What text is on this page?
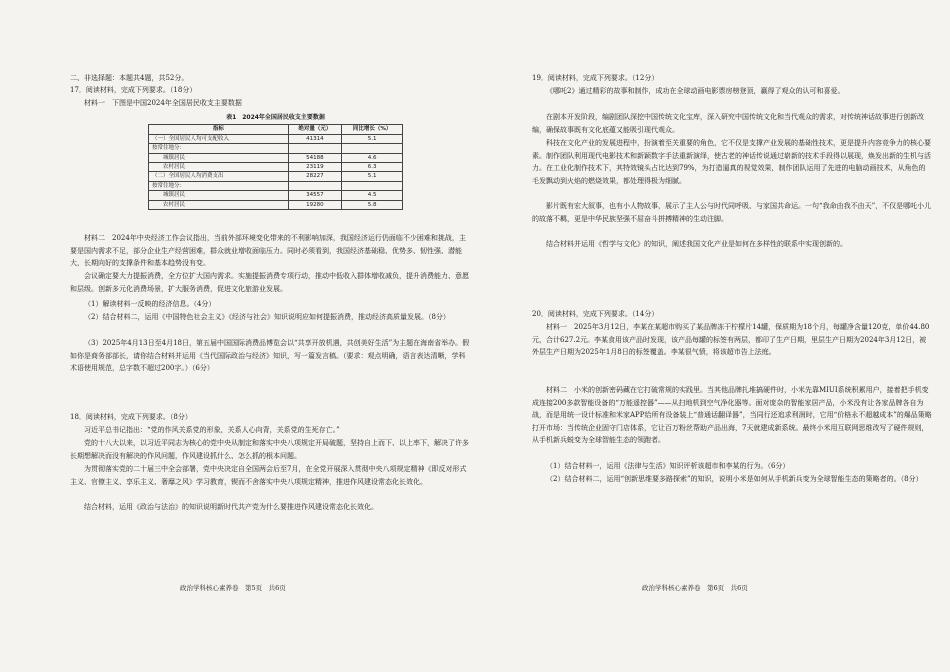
二、非选择题：本题共4题，共52分。

17．阅读材料，完成下列要求。（18分）

材料一　下图是中国2024年全国居民收支主要数据

表1　2024年全国居民收支主要数据
指标	绝对量（元）	同比增长（%）
（一）全国居民人均可支配收入	41314	5.1
按常住地分：		
城镇居民	54188	4.6
农村居民	23119	6.3
（二）全国居民人均消费支出	28227	5.1
按常住地分：		
城镇居民	34557	4.5
农村居民	19280	5.8

材料二　2024年中央经济工作会议指出，当前外部环境变化带来的不利影响加深，我国经济运行仍面临不少困难和挑战，主要是国内需求不足，部分企业生产经营困难，群众就业增收面临压力。同时必须看到，我国经济基础稳、优势多、韧性强、潜能大，长期向好的支撑条件和基本趋势没有变。

会议确定要大力提振消费，全方位扩大国内需求。实施提振消费专项行动，推动中低收入群体增收减负，提升消费能力、意愿和层级。创新多元化消费场景，扩大服务消费，促进文化旅游业发展。

（1）解读材料一反映的经济信息。（4分）

（2）结合材料二，运用《中国特色社会主义》《经济与社会》知识说明应如何提振消费，推动经济高质量发展。（8分）

（3）2025年4月13日至4月18日，第五届中国国际消费品博览会以“共享开放机遇，共创美好生活”为主题在海南省举办。假如你是商务部部长，请你结合材料并运用《当代国际政治与经济》知识，写一篇发言稿。（要求：观点明确，语言表达清晰，学科术语使用规范，总字数不超过200字。）（6分）

18．阅读材料，完成下列要求。（8分）

习近平总书记指出：“党的作风关系党的形象，关系人心向背，关系党的生死存亡。”

党的十八大以来，以习近平同志为核心的党中央从制定和落实中央八项规定开局破题，坚持自上而下、以上率下，解决了许多长期想解决而没有解决的作风问题，作风建设抓什么、怎么抓的根本问题。

为贯彻落实党的二十届三中全会部署，党中央决定自全国两会后至7月，在全党开展深入贯彻中央八项规定精神《即反对形式主义、官僚主义、享乐主义、奢靡之风》学习教育，锲而不舍落实中央八项规定精神，推进作风建设常态化长效化。

结合材料，运用《政治与法治》的知识说明新时代共产党为什么要推进作风建设常态化长效化。

政治学科核心素养卷　第5页　共6页

19．阅读材料，完成下列要求。（12分）

《哪吒2》通过精彩的故事和制作，成功在全球动画电影票房榜登顶，赢得了观众的认可和喜爱。

在剧本开发阶段，编剧团队深挖中国传统文化宝库，深入研究中国传统文化和当代观众的需求，对传统神话故事进行创新改编，确保故事既有文化底蕴又能吸引现代观众。

科技在文化产业的发展进程中，扮演着至关重要的角色，它不仅是支撑产业发展的基础性技术，更是提升内容竞争力的核心要素。制作团队利用现代电影技术和新颖数字手法重新演绎，使古老的神话传说通过崭新的技术手段得以展现，焕发出新的生机与活力。在工业化制作技术下，其特效镜头占比达到79%，为打造逼真的视觉效果，制作团队运用了先进的电脑动画技术，从角色的毛发飘动到火焰的燃烧效果，都处理得极为细腻。

影片既有宏大叙事，也有小人物故事，展示了主人公与时代同呼吸、与家国共命运。一句“我命由我不由天”，不仅是哪吒小儿的故落不羁，更是中华民族坚强不屈奋斗拼搏精神的生动注脚。

结合材料并运用《哲学与文化》的知识，阐述我国文化产业是如何在多样性的联系中实现创新的。

20．阅读材料，完成下列要求。（14分）

材料一　2025年3月12日，李某在某超市购买了某品牌冻干柠檬片14罐，保质期为18个月，每罐净含量120克，单价44.80元，合计627.2元。李某食用该产品时发现，该产品每罐的标签有两层，都印了生产日期，里层生产日期为2024年3月12日，被外层生产日期为2025年1月8日的标签覆盖。李某很气愤，将该超市告上法庭。

材料二　小米的创新密码藏在它打破常规的实践里。当其他品牌扎堆搞硬件时，小米先靠MIUI系统积累用户，接着把手机变成连接200多款智能设备的“万能遥控器”——从扫地机到空气净化器等。面对庞杂的智能家居产品，小米没有让各家品牌各自为战，而是用统一设计标准和米家APP给所有设备装上“普通话翻译器”，当同行还追求利润时，它用“价格永不超越成本”的爆品策略打开市场：当传统企业固守门店体系，它让百万粉丝帮助产品出海，7天就建成新系统。最终小米用互联网思维改写了硬件规则，从手机新兵蜕变为全球智能生态的领跑者。

（1）结合材料一，运用《法律与生活》知识评析该超市和李某的行为。（6分）

（2）结合材料二，运用“创新思维要多路探索”的知识，说明小米是如何从手机新兵变为全球智能生态的策略者的。（8分）

政治学科核心素养卷　第6页　共6页
